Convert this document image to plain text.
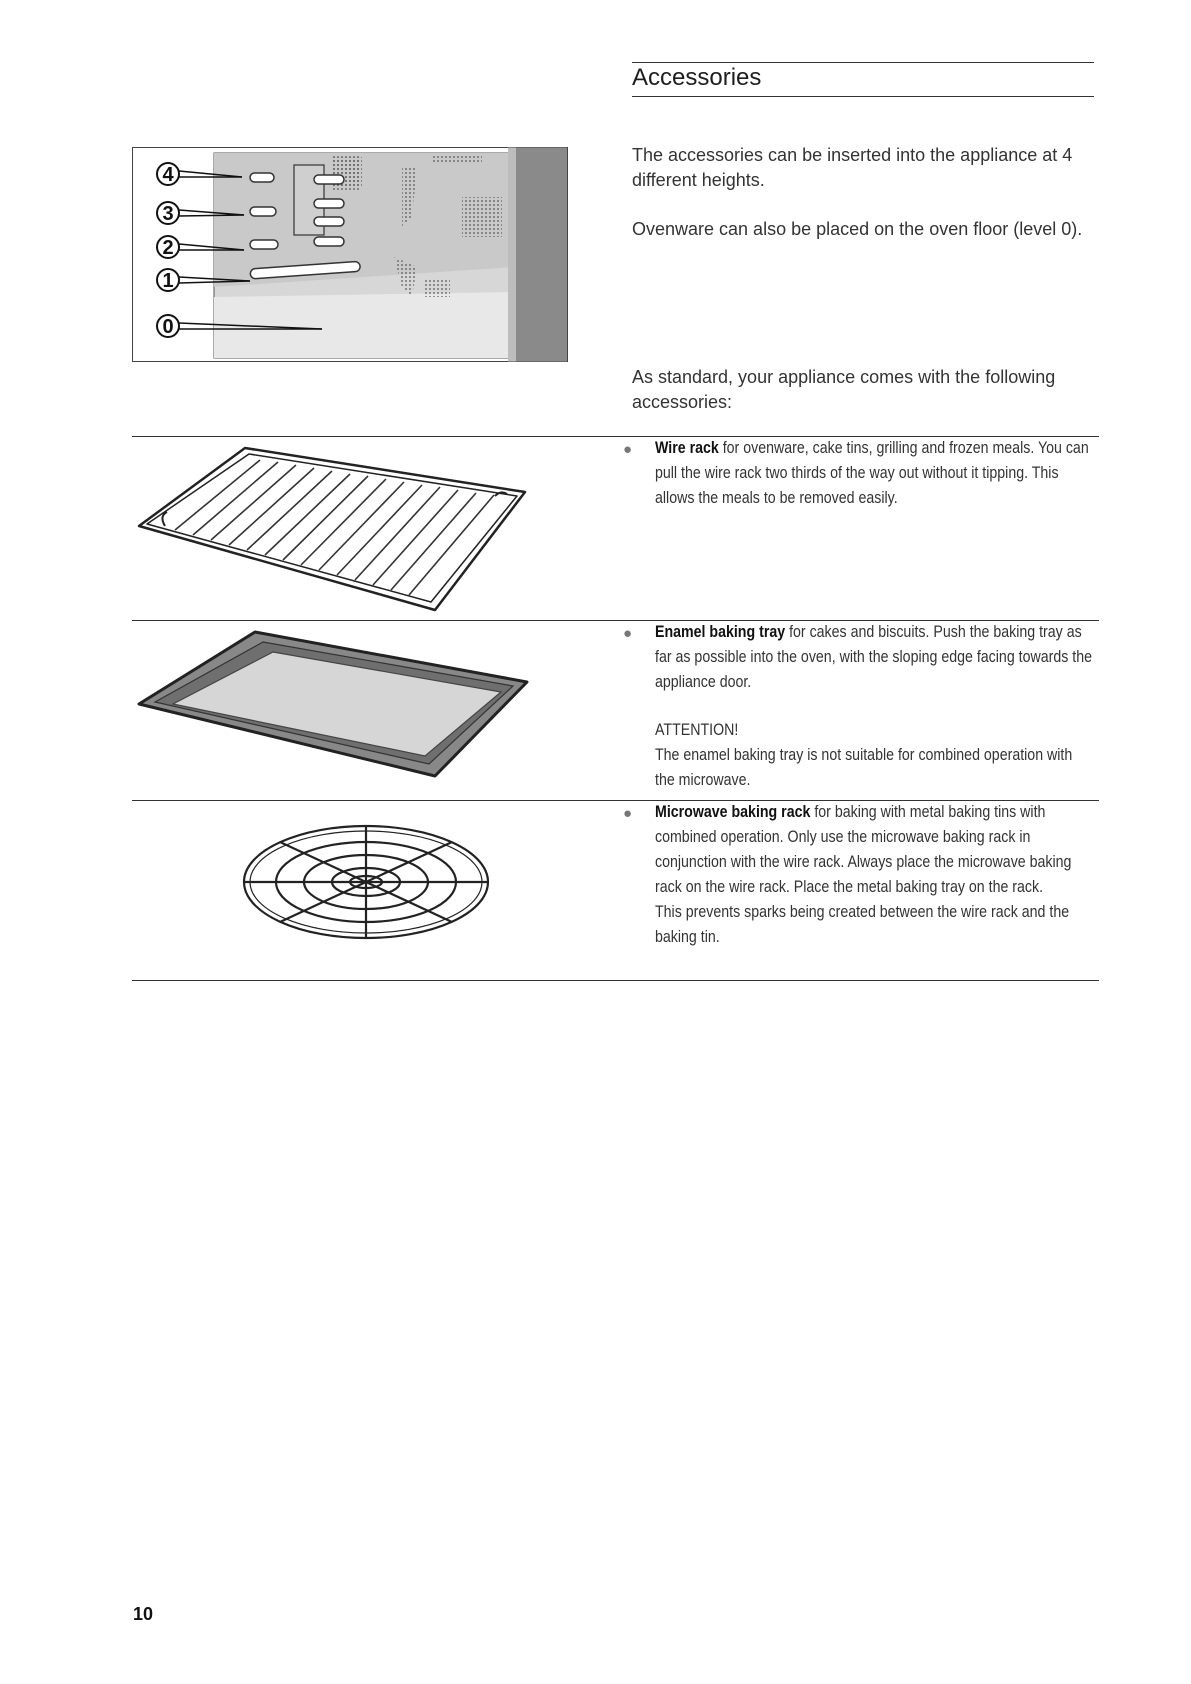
Accessories
4
3
2
1
0
The accessories can be inserted into the appliance at 4 different heights.
Ovenware can also be placed on the oven floor (level 0).
As standard, your appliance comes with the following accessories:
● Wire rack for ovenware, cake tins, grilling and frozen meals. You can pull the wire rack two thirds of the way out without it tipping. This allows the meals to be removed easily.
● Enamel baking tray for cakes and biscuits. Push the baking tray as far as possible into the oven, with the sloping edge facing towards the appliance door.
ATTENTION!
The enamel baking tray is not suitable for combined operation with the microwave.
● Microwave baking rack for baking with metal baking tins with combined operation. Only use the microwave baking rack in conjunction with the wire rack. Always place the microwave baking rack on the wire rack. Place the metal baking tray on the rack.
This prevents sparks being created between the wire rack and the baking tin.
10
